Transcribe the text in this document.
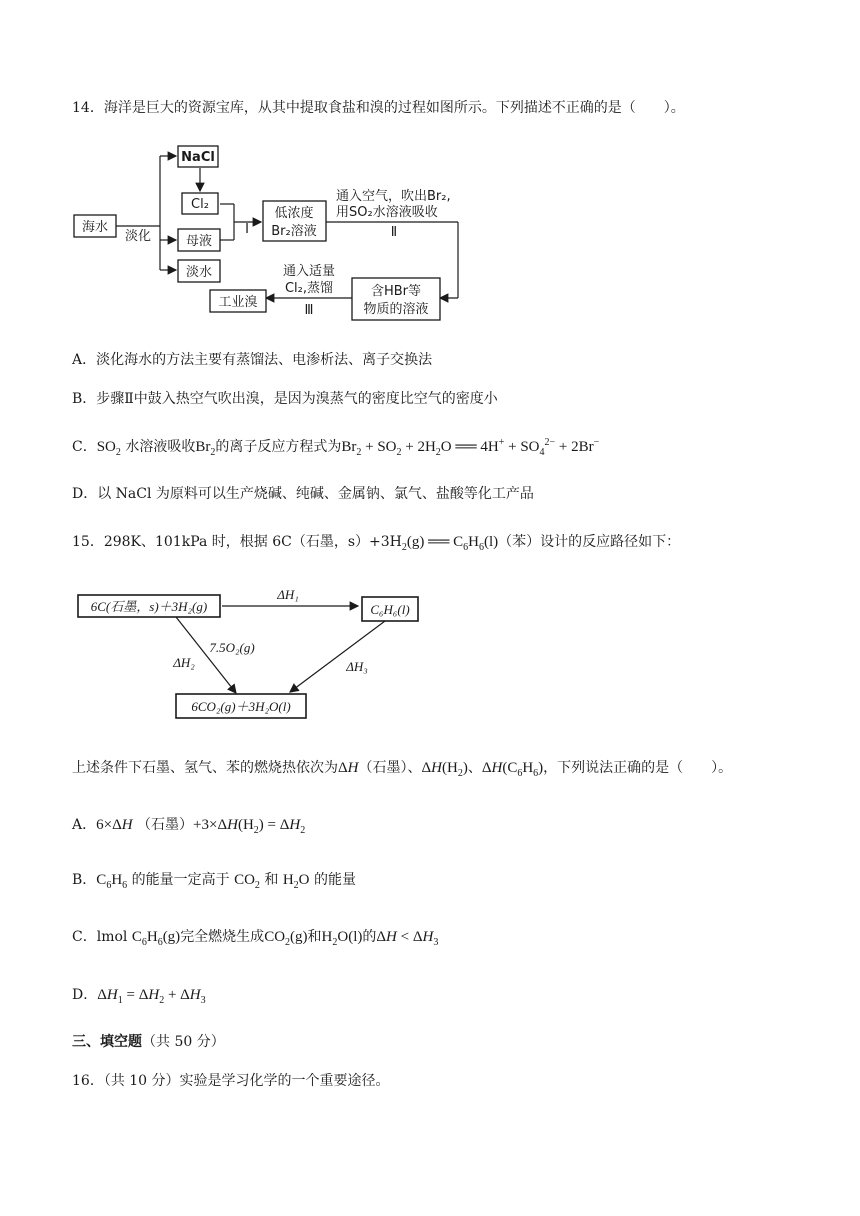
14．海洋是巨大的资源宝库，从其中提取食盐和溴的过程如图所示。下列描述不正确的是（　　）。
NaCl
Cl₂
海水
淡化	母液
淡水
Ⅰ
低浓度
Br₂溶液
通入空气，吹出Br₂,
用SO₂水溶液吸收
Ⅱ
含HBr等
物质的溶液
通入适量
Cl₂,蒸馏
Ⅲ
工业溴
A．淡化海水的方法主要有蒸馏法、电渗析法、离子交换法
B．步骤Ⅱ中鼓入热空气吹出溴，是因为溴蒸气的密度比空气的密度小
C．$SO_2$ 水溶液吸收$Br_2$的离子反应方程式为$Br_2 + SO_2 + 2H_2O$ ══ $4H^+ + SO_4^{2-} + 2Br^-$
D．以 NaCl 为原料可以生产烧碱、纯碱、金属钠、氯气、盐酸等化工产品
15．298K、101kPa 时，根据 6C（石墨，$s)+3H_2(g)$ ══ $C_6H_6(l)$（苯）设计的反应路径如下：
6C(石墨，s)＋3H₂(g)	C₆H₆(l)
6CO₂(g)＋3H₂O(l)
ΔH₁
ΔH₂	ΔH₃
7.5O₂(g)
上述条件下石墨、氢气、苯的燃烧热依次为ΔH（石墨）、$\Delta H(H_2)$、$\Delta H(C_6H_6)$，下列说法正确的是（　　）。
A．6×ΔH （石墨）$+3\times\Delta H(H_2) = \Delta H_2$
B．$C_6H_6$ 的能量一定高于 $CO_2$ 和 $H_2O$ 的能量
C．lmol $C_6H_6(g)$完全燃烧生成$CO_2(g)$和$H_2O(l)$的$\Delta H < \Delta H_3$
D．$\Delta H_1 = \Delta H_2 + \Delta H_3$
三、填空题（共 50 分）
16．（共 10 分）实验是学习化学的一个重要途径。
